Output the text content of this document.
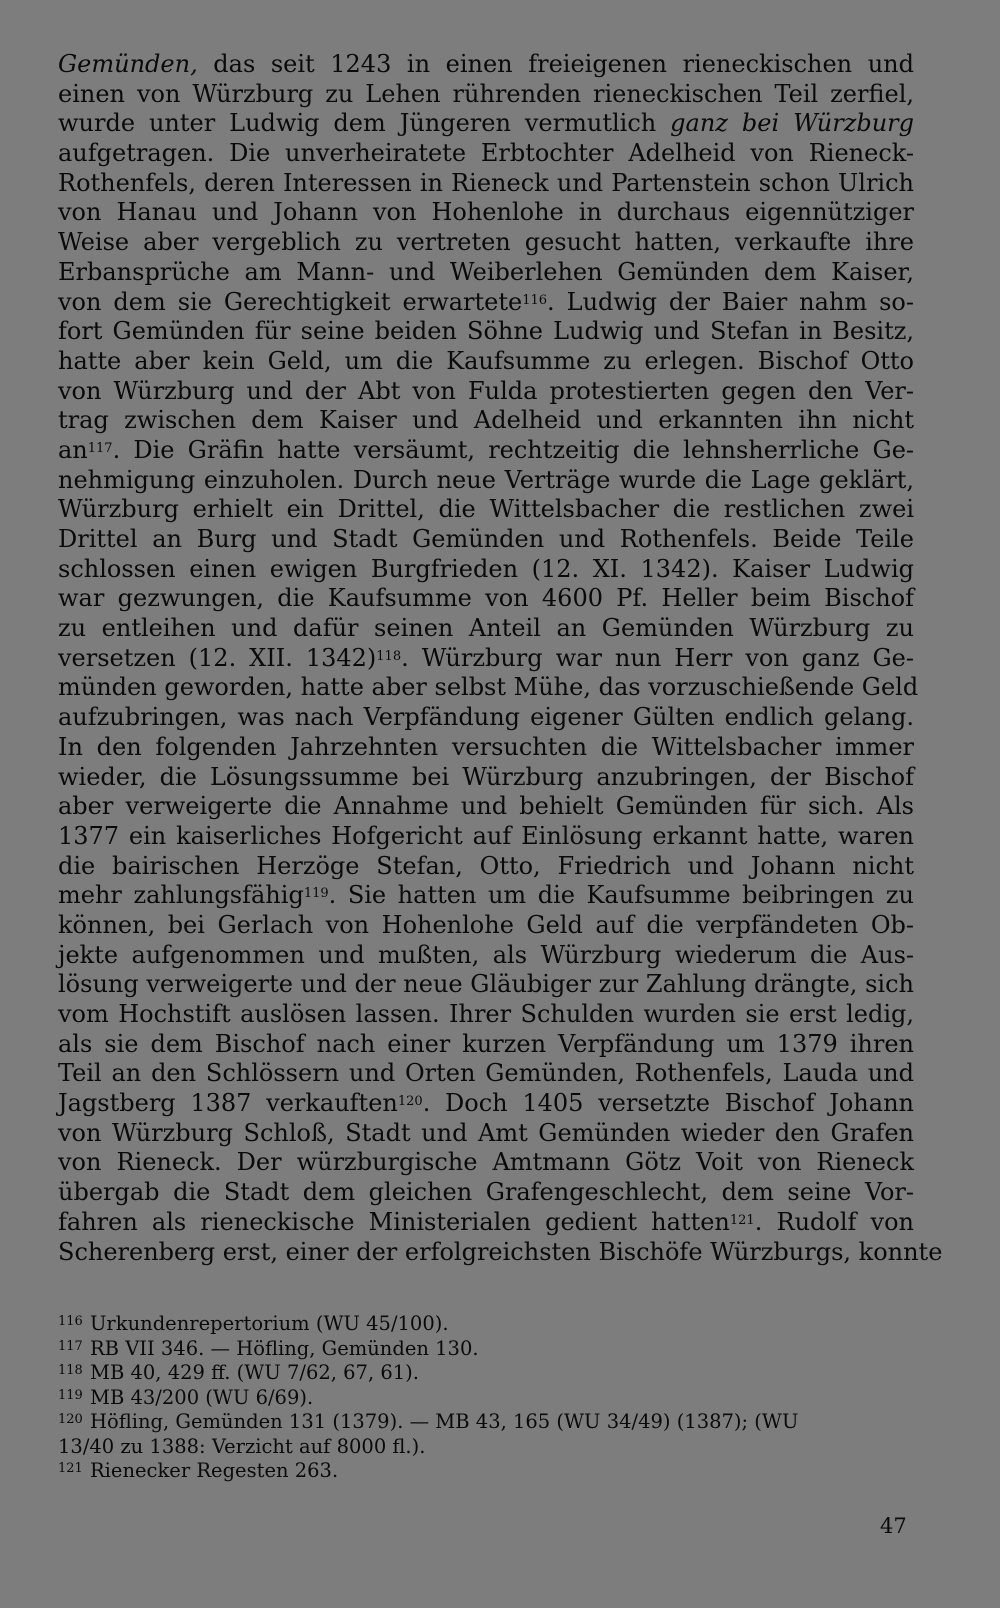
Gemünden, das seit 1243 in einen freieigenen rieneckischen und
einen von Würzburg zu Lehen rührenden rieneckischen Teil zerfiel,
wurde unter Ludwig dem Jüngeren vermutlich ganz bei Würzburg
aufgetragen. Die unverheiratete Erbtochter Adelheid von Rieneck-
Rothenfels, deren Interessen in Rieneck und Partenstein schon Ulrich
von Hanau und Johann von Hohenlohe in durchaus eigennütziger
Weise aber vergeblich zu vertreten gesucht hatten, verkaufte ihre
Erbansprüche am Mann- und Weiberlehen Gemünden dem Kaiser,
von dem sie Gerechtigkeit erwartete$^{116}$. Ludwig der Baier nahm so-
fort Gemünden für seine beiden Söhne Ludwig und Stefan in Besitz,
hatte aber kein Geld, um die Kaufsumme zu erlegen. Bischof Otto
von Würzburg und der Abt von Fulda protestierten gegen den Ver-
trag zwischen dem Kaiser und Adelheid und erkannten ihn nicht
an$^{117}$. Die Gräfin hatte versäumt, rechtzeitig die lehnsherrliche Ge-
nehmigung einzuholen. Durch neue Verträge wurde die Lage geklärt,
Würzburg erhielt ein Drittel, die Wittelsbacher die restlichen zwei
Drittel an Burg und Stadt Gemünden und Rothenfels. Beide Teile
schlossen einen ewigen Burgfrieden (12. XI. 1342). Kaiser Ludwig
war gezwungen, die Kaufsumme von 4600 Pf. Heller beim Bischof
zu entleihen und dafür seinen Anteil an Gemünden Würzburg zu
versetzen (12. XII. 1342)$^{118}$. Würzburg war nun Herr von ganz Ge-
münden geworden, hatte aber selbst Mühe, das vorzuschießende Geld
aufzubringen, was nach Verpfändung eigener Gülten endlich gelang.
In den folgenden Jahrzehnten versuchten die Wittelsbacher immer
wieder, die Lösungssumme bei Würzburg anzubringen, der Bischof
aber verweigerte die Annahme und behielt Gemünden für sich. Als
1377 ein kaiserliches Hofgericht auf Einlösung erkannt hatte, waren
die bairischen Herzöge Stefan, Otto, Friedrich und Johann nicht
mehr zahlungsfähig$^{119}$. Sie hatten um die Kaufsumme beibringen zu
können, bei Gerlach von Hohenlohe Geld auf die verpfändeten Ob-
jekte aufgenommen und mußten, als Würzburg wiederum die Aus-
lösung verweigerte und der neue Gläubiger zur Zahlung drängte, sich
vom Hochstift auslösen lassen. Ihrer Schulden wurden sie erst ledig,
als sie dem Bischof nach einer kurzen Verpfändung um 1379 ihren
Teil an den Schlössern und Orten Gemünden, Rothenfels, Lauda und
Jagstberg 1387 verkauften$^{120}$. Doch 1405 versetzte Bischof Johann
von Würzburg Schloß, Stadt und Amt Gemünden wieder den Grafen
von Rieneck. Der würzburgische Amtmann Götz Voit von Rieneck
übergab die Stadt dem gleichen Grafengeschlecht, dem seine Vor-
fahren als rieneckische Ministerialen gedient hatten$^{121}$. Rudolf von
Scherenberg erst, einer der erfolgreichsten Bischöfe Würzburgs, konnte
116 Urkundenrepertorium (WU 45/100).
117 RB VII 346. — Höfling, Gemünden 130.
118 MB 40, 429 ff. (WU 7/62, 67, 61).
119 MB 43/200 (WU 6/69).
120 Höfling, Gemünden 131 (1379). — MB 43, 165 (WU 34/49) (1387); (WU
13/40 zu 1388: Verzicht auf 8000 fl.).
121 Rienecker Regesten 263.
47
